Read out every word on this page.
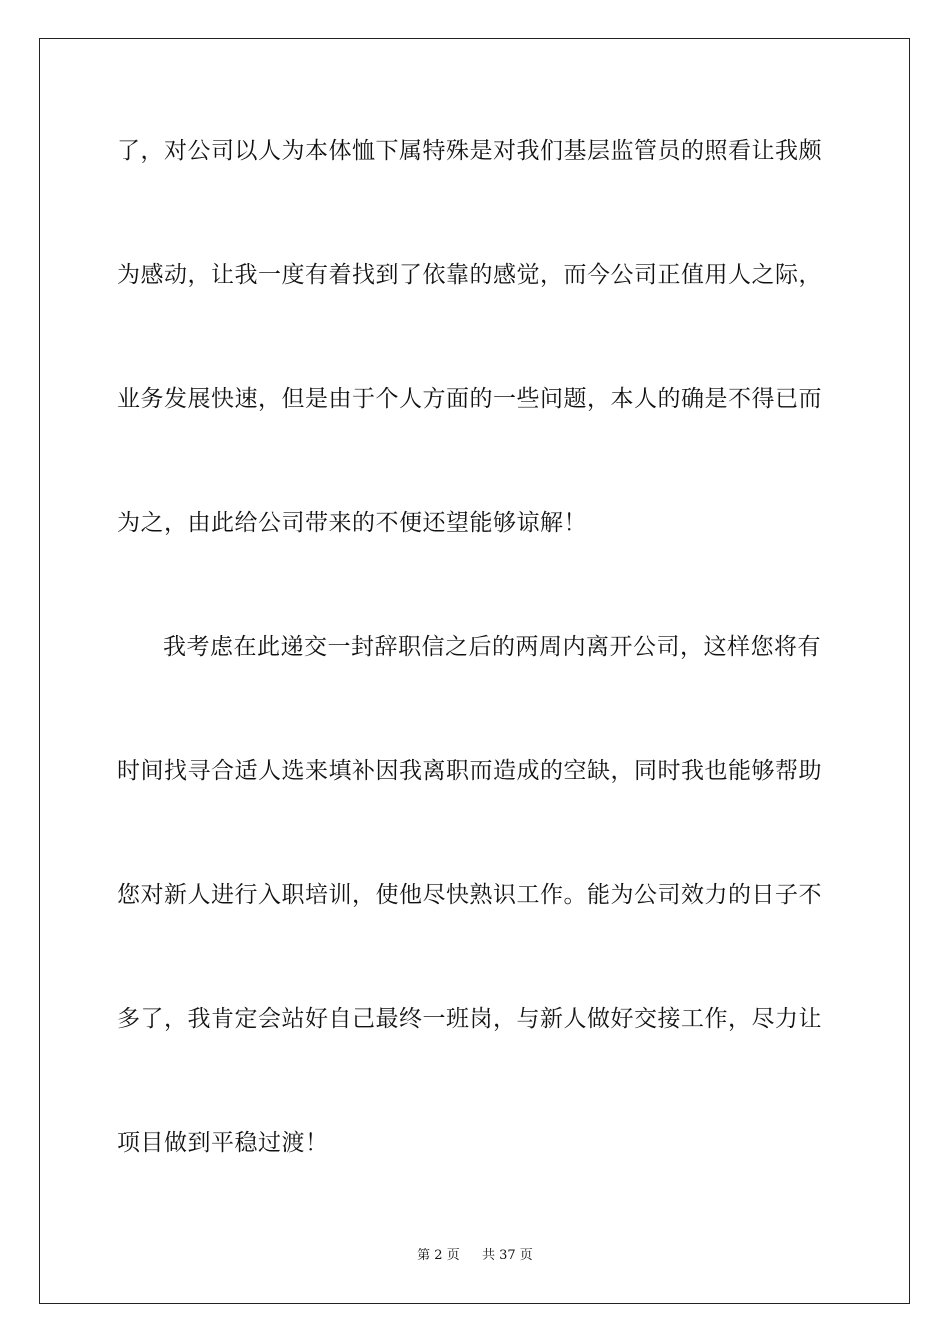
了，对公司以人为本体恤下属特殊是对我们基层监管员的照看让我颇
为感动，让我一度有着找到了依靠的感觉，而今公司正值用人之际，
业务发展快速，但是由于个人方面的一些问题，本人的确是不得已而
为之，由此给公司带来的不便还望能够谅解！
我考虑在此递交一封辞职信之后的两周内离开公司，这样您将有
时间找寻合适人选来填补因我离职而造成的空缺，同时我也能够帮助
您对新人进行入职培训，使他尽快熟识工作。能为公司效力的日子不
多了，我肯定会站好自己最终一班岗，与新人做好交接工作，尽力让
项目做到平稳过渡！
第 2 页 共 37 页
